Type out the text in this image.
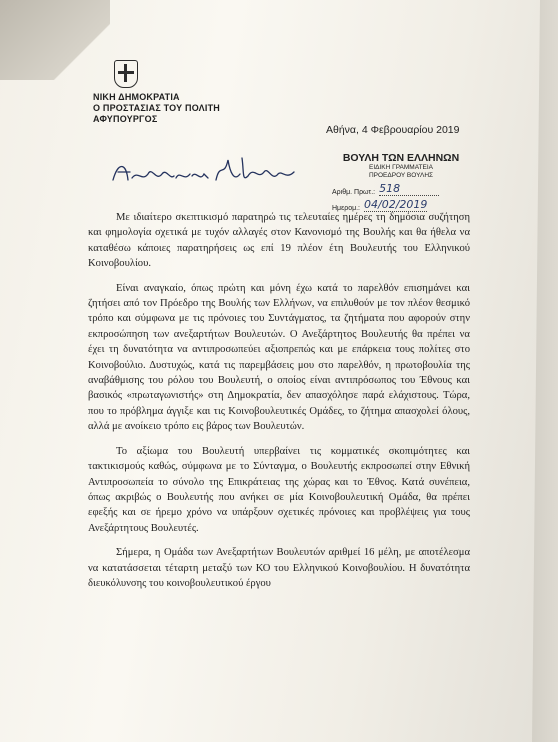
ΝΙΚΗ ΔΗΜΟΚΡΑΤΙΑ
Ο ΠΡΟΣΤΑΣΙΑΣ ΤΟΥ ΠΟΛΙΤΗ
ΑΦΥΠΟΥΡΓΟΣ
Αθήνα, 4 Φεβρουαρίου 2019
ΒΟΥΛΗ ΤΩΝ ΕΛΛΗΝΩΝ
ΕΙΔΙΚΗ ΓΡΑΜΜΑΤΕΙΑ
ΠΡΟΕΔΡΟΥ ΒΟΥΛΗΣ
Αριθμ. Πρωτ.: 518
Ημερομ.: 04/02/2019

Με ιδιαίτερο σκεπτικισμό παρατηρώ τις τελευταίες ημέρες τη δημόσια συζήτηση και φημολογία σχετικά με τυχόν αλλαγές στον Κανονισμό της Βουλής και θα ήθελα να καταθέσω κάποιες παρατηρήσεις ως επί 19 πλέον έτη Βουλευτής του Ελληνικού Κοινοβουλίου.

Είναι αναγκαίο, όπως πρώτη και μόνη έχω κατά το παρελθόν επισημάνει και ζητήσει από τον Πρόεδρο της Βουλής των Ελλήνων, να επιλυθούν με τον πλέον θεσμικό τρόπο και σύμφωνα με τις πρόνοιες του Συντάγματος, τα ζητήματα που αφορούν στην εκπροσώπηση των ανεξαρτήτων Βουλευτών. Ο Ανεξάρτητος Βουλευτής θα πρέπει να έχει τη δυνατότητα να αντιπροσωπεύει αξιοπρεπώς και με επάρκεια τους πολίτες στο Κοινοβούλιο. Δυστυχώς, κατά τις παρεμβάσεις μου στο παρελθόν, η πρωτοβουλία της αναβάθμισης του ρόλου του Βουλευτή, ο οποίος είναι αντιπρόσωπος του Έθνους και βασικός «πρωταγωνιστής» στη Δημοκρατία, δεν απασχόλησε παρά ελάχιστους. Τώρα, που το πρόβλημα άγγιξε και τις Κοινοβουλευτικές Ομάδες, το ζήτημα απασχολεί όλους, αλλά με ανοίκειο τρόπο εις βάρος των Βουλευτών.

Το αξίωμα του Βουλευτή υπερβαίνει τις κομματικές σκοπιμότητες και τακτικισμούς καθώς, σύμφωνα με το Σύνταγμα, ο Βουλευτής εκπροσωπεί στην Εθνική Αντιπροσωπεία το σύνολο της Επικράτειας της χώρας και το Έθνος. Κατά συνέπεια, όπως ακριβώς ο Βουλευτής που ανήκει σε μία Κοινοβουλευτική Ομάδα, θα πρέπει εφεξής και σε ήρεμο χρόνο να υπάρξουν σχετικές πρόνοιες και προβλέψεις για τους Ανεξάρτητους Βουλευτές.

Σήμερα, η Ομάδα των Ανεξαρτήτων Βουλευτών αριθμεί 16 μέλη, με αποτέλεσμα να κατατάσσεται τέταρτη μεταξύ των ΚΟ του Ελληνικού Κοινοβουλίου. Η δυνατότητα διευκόλυνσης του κοινοβουλευτικού έργου
